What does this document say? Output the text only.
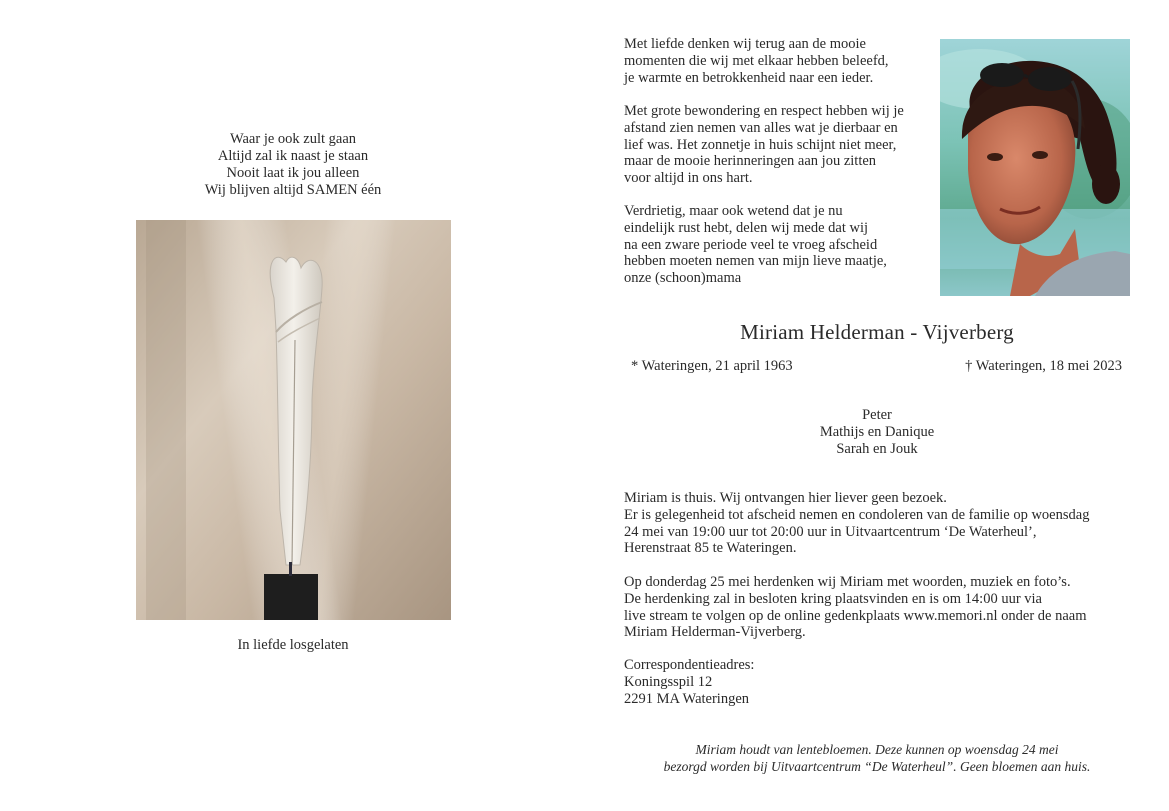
Waar je ook zult gaan
Altijd zal ik naast je staan
Nooit laat ik jou alleen
Wij blijven altijd SAMEN één
In liefde losgelaten
Met liefde denken wij terug aan de mooie
momenten die wij met elkaar hebben beleefd,
je warmte en betrokkenheid naar een ieder.
Met grote bewondering en respect hebben wij je
afstand zien nemen van alles wat je dierbaar en
lief was. Het zonnetje in huis schijnt niet meer,
maar de mooie herinneringen aan jou zitten
voor altijd in ons hart.
Verdrietig, maar ook wetend dat je nu
eindelijk rust hebt, delen wij mede dat wij
na een zware periode veel te vroeg afscheid
hebben moeten nemen van mijn lieve maatje,
onze (schoon)mama
Miriam Helderman - Vijverberg
* Wateringen, 21 april 1963	† Wateringen, 18 mei 2023
Peter
Mathijs en Danique
Sarah en Jouk
Miriam is thuis. Wij ontvangen hier liever geen bezoek.
Er is gelegenheid tot afscheid nemen en condoleren van de familie op woensdag
24 mei van 19:00 uur tot 20:00 uur in Uitvaartcentrum ‘De Waterheul’,
Herenstraat 85 te Wateringen.
Op donderdag 25 mei herdenken wij Miriam met woorden, muziek en foto’s.
De herdenking zal in besloten kring plaatsvinden en is om 14:00 uur via
live stream te volgen op de online gedenkplaats www.memori.nl onder de naam
Miriam Helderman-Vijverberg.
Correspondentieadres:
Koningsspil 12
2291 MA Wateringen
Miriam houdt van lentebloemen. Deze kunnen op woensdag 24 mei
bezorgd worden bij Uitvaartcentrum “De Waterheul”. Geen bloemen aan huis.
